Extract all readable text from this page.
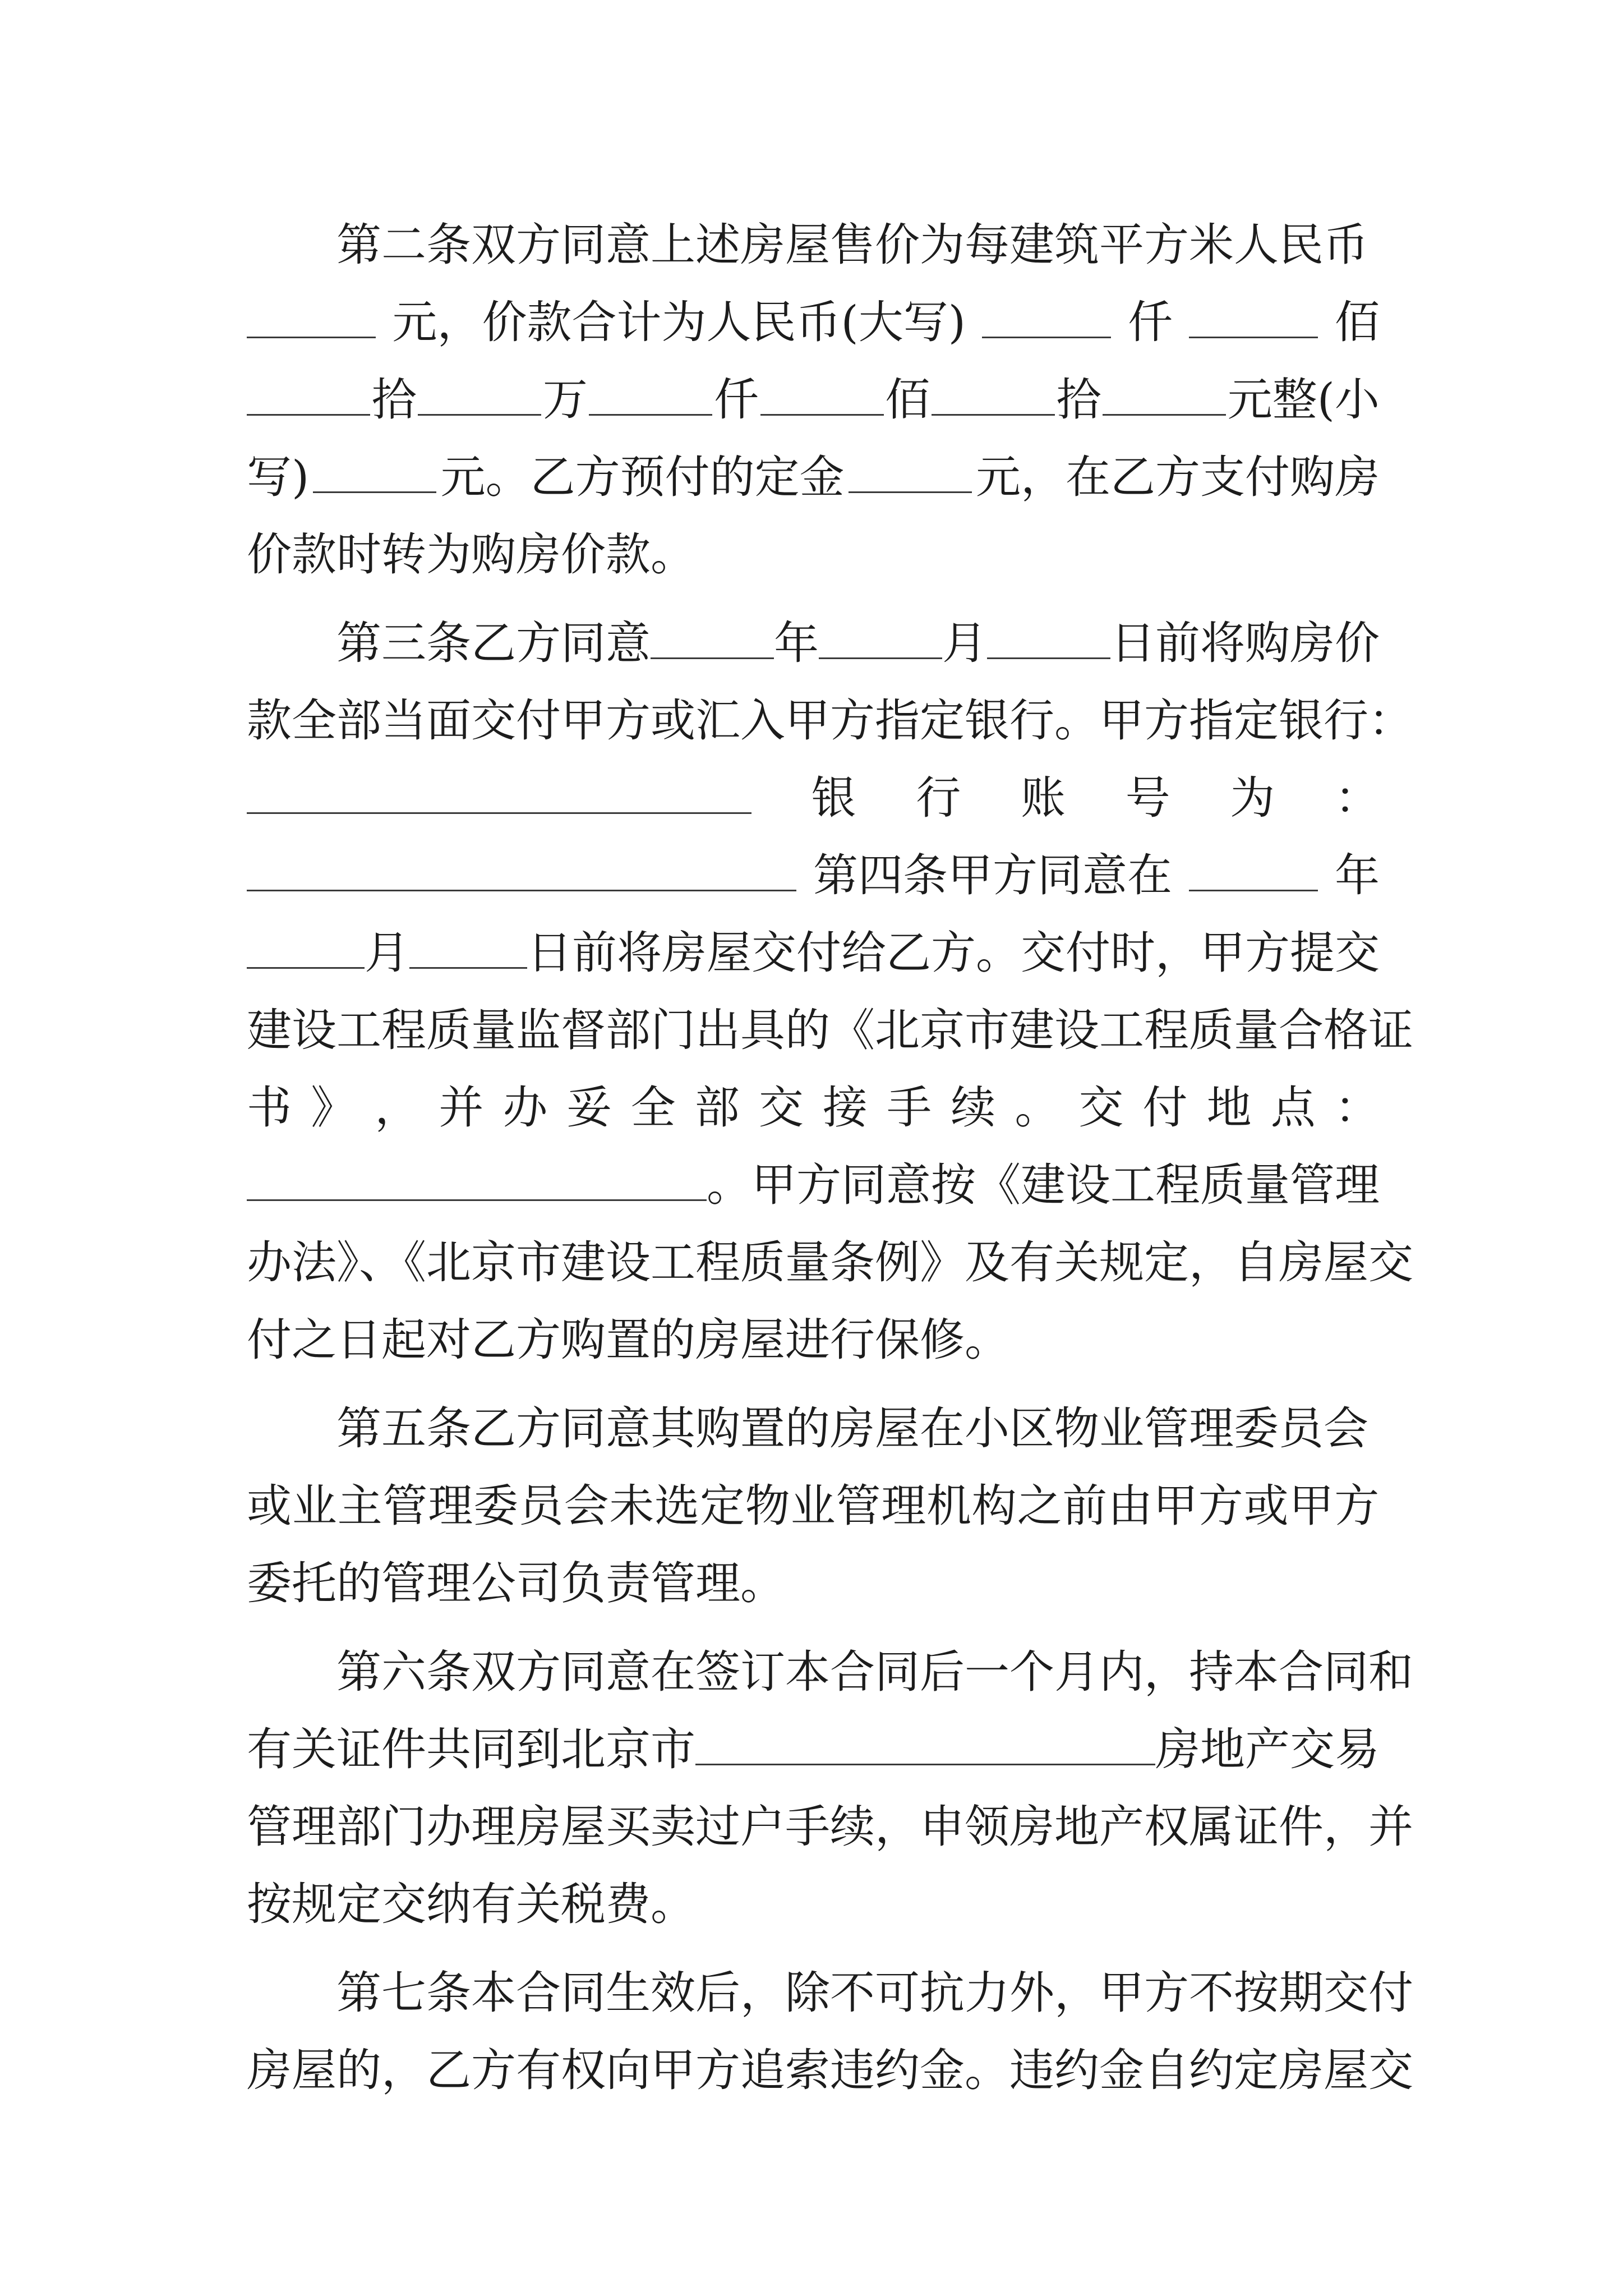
第二条双方同意上述房屋售价为每建筑平方米人民币
元，价款合计为人民币(大写)	仟	佰
拾	万	仟	佰	拾	元整(小
写)	元。乙方预付的定金	元，在乙方支付购房
价款时转为购房价款。
第三条乙方同意	年	月	日前将购房价
款全部当面交付甲方或汇入甲方指定银行。甲方指定银行：
银 行 账 号 为 ：
第四条甲方同意在	年
月	日前将房屋交付给乙方。交付时，甲方提交
建设工程质量监督部门出具的《北京市建设工程质量合格证
书 》 ， 并 办 妥 全 部 交 接 手 续 。 交 付 地 点 ：
。甲方同意按《建设工程质量管理
办法》、《北京市建设工程质量条例》及有关规定，自房屋交
付之日起对乙方购置的房屋进行保修。
第五条乙方同意其购置的房屋在小区物业管理委员会
或业主管理委员会未选定物业管理机构之前由甲方或甲方
委托的管理公司负责管理。
第六条双方同意在签订本合同后一个月内，持本合同和
有关证件共同到北京市	房地产交易
管理部门办理房屋买卖过户手续，申领房地产权属证件，并
按规定交纳有关税费。
第七条本合同生效后，除不可抗力外，甲方不按期交付
房屋的，乙方有权向甲方追索违约金。违约金自约定房屋交
